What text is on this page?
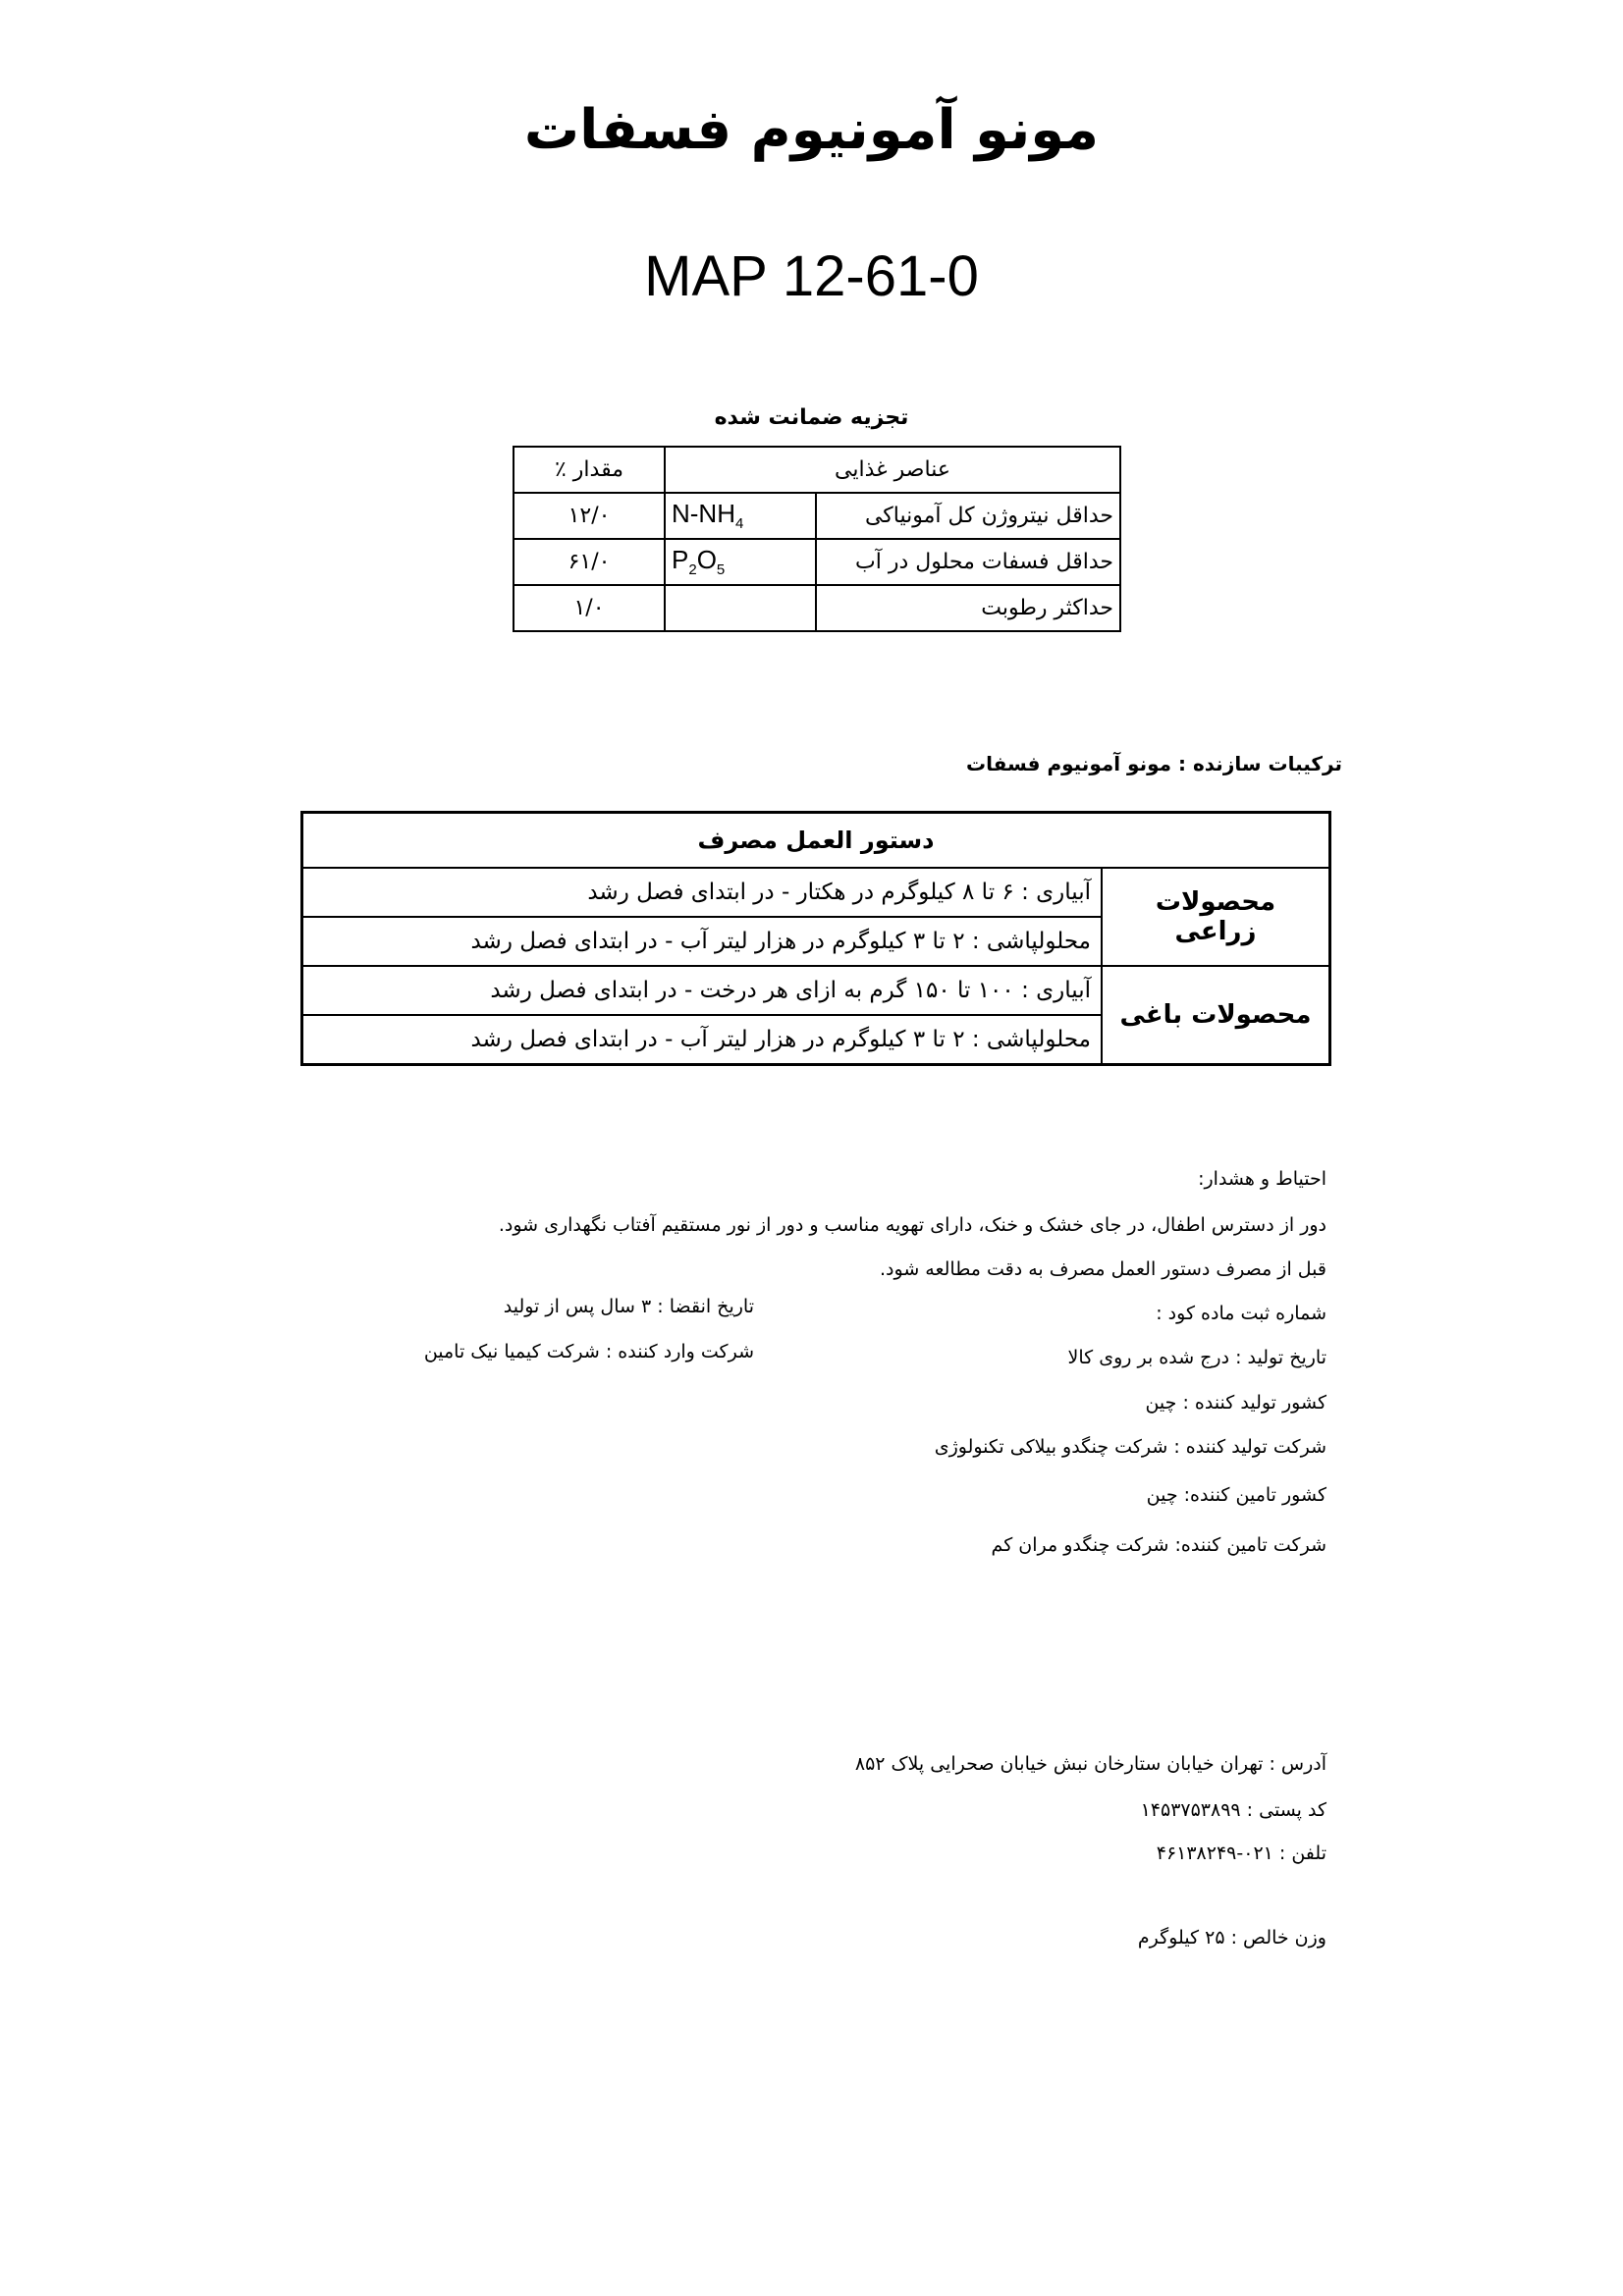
مونو آمونیوم فسفات
MAP 12-61-0
تجزیه ضمانت شده
عناصر غذایی		مقدار ٪
حداقل نیتروژن کل آمونیاکی	$N-NH_4$	۱۲/۰
حداقل فسفات محلول در آب	$P_2O_5$	۶۱/۰
حداکثر رطوبت		۱/۰
ترکیبات سازنده : مونو آمونیوم فسفات
دستور العمل مصرف	
محصولات زراعی	آبیاری : ۶ تا ۸ کیلوگرم در هکتار - در ابتدای فصل رشد
	محلولپاشی : ۲ تا ۳ کیلوگرم در هزار لیتر آب - در ابتدای فصل رشد
محصولات باغی	آبیاری : ۱۰۰ تا ۱۵۰ گرم به ازای هر درخت - در ابتدای فصل رشد
	محلولپاشی : ۲ تا ۳ کیلوگرم در هزار لیتر آب - در ابتدای فصل رشد
احتیاط و هشدار:
دور از دسترس اطفال، در جای خشک و خنک، دارای تهویه مناسب و دور از نور مستقیم آفتاب نگهداری شود.
قبل از مصرف دستور العمل مصرف به دقت مطالعه شود.
شماره ثبت ماده کود :
تاریخ انقضا : ۳ سال پس از تولید
تاریخ تولید : درج شده بر روی کالا
شرکت وارد کننده : شرکت کیمیا نیک تامین
کشور تولید کننده : چین
شرکت تولید کننده : شرکت چنگدو بیلاکی تکنولوژی
کشور تامین کننده: چین
شرکت تامین کننده: شرکت چنگدو مران کم
آدرس : تهران خیابان ستارخان نبش خیابان صحرایی پلاک ۸۵۲
کد پستی : ۱۴۵۳۷۵۳۸۹۹
تلفن : ۰۲۱-۴۶۱۳۸۲۴۹
وزن خالص : ۲۵ کیلوگرم
